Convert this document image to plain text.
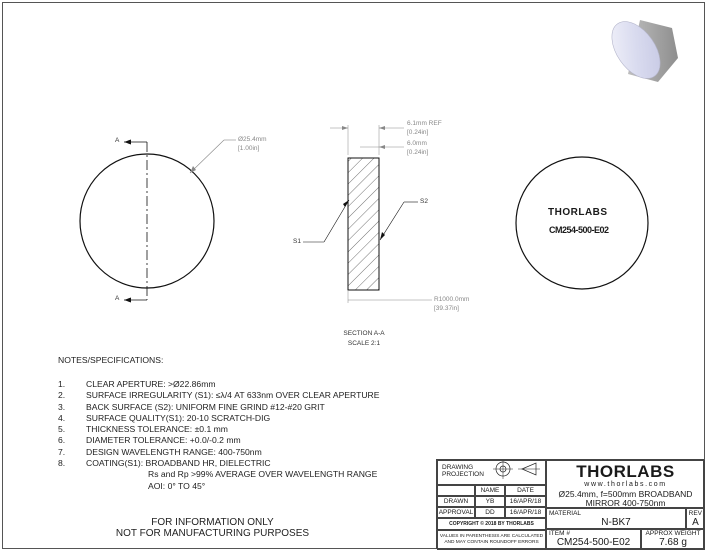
A
A
Ø25.4mm
[1.00in]
6.1mm REF
[0.24in]
6.0mm
[0.24in]
S1
S2
R1000.0mm
[39.37in]
SECTION A-A
SCALE 2:1
THORLABS
CM254-500-E02
NOTES/SPECIFICATIONS:
1.	CLEAR APERTURE: >Ø22.86mm
2.	SURFACE IRREGULARITY (S1): ≤λ/4 AT 633nm OVER CLEAR APERTURE
3.	BACK SURFACE (S2): UNIFORM FINE GRIND #12-#20 GRIT
4.	SURFACE QUALITY(S1): 20-10 SCRATCH-DIG
5.	THICKNESS TOLERANCE: ±0.1 mm
6.	DIAMETER TOLERANCE: +0.0/-0.2 mm
7.	DESIGN WAVELENGTH RANGE: 400-750nm
8.	COATING(S1): BROADBAND HR, DIELECTRIC
Rs and Rp >99% AVERAGE OVER WAVELENGTH RANGE
AOI: 0° TO 45°
FOR INFORMATION ONLY
NOT FOR MANUFACTURING PURPOSES
DRAWING PROJECTION
NAME	DATE
DRAWN	YB	16/APR/18
APPROVAL	DD	16/APR/18
COPYRIGHT © 2018 BY THORLABS
VALUES IN PARENTHESIS ARE CALCULATED
AND MAY CONTAIN ROUNDOFF ERRORS
THORLABS
www.thorlabs.com
Ø25.4mm, f=500mm BROADBAND
MIRROR 400-750nm
MATERIAL
N-BK7
REV
A
ITEM #
CM254-500-E02
APPROX WEIGHT
7.68 g
